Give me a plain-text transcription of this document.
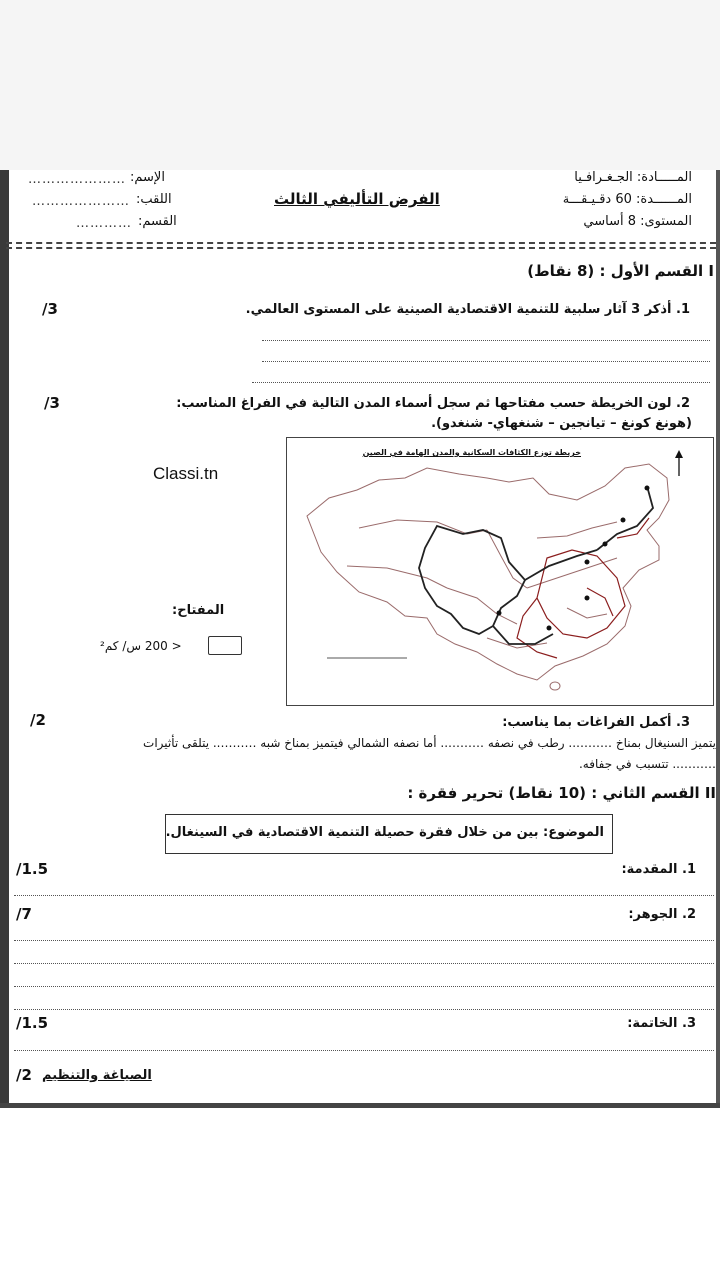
المـــــادة: الجـغـرافـيا
المــــــدة: 60 دقـيـقـــة
المستوى: 8 أساسي
الفرض التأليفي الثالث
الإسم:
…………………
اللقب:
…………………
القسم:
…………
I القسم الأول : (8 نقاط)
1. أذكر 3 آثار سلبية للتنمية الاقتصادية الصينية على المستوى العالمي.
/3
2. لون الخريطة حسب مفتاحها ثم سجل أسماء المدن التالية في الفراغ المناسب:
/3
(هونغ كونغ – تيانجين – شنغهاي- شنغدو).
Classi.tn
خريطة توزع الكثافات السكانية والمدن الهامة في الصين
المفتاح:
< 200 س/ كم²
3. أكمل الفراغات بما يناسب:
/2
يتميز السنيغال بمناخ ……….. رطب في نصفه ……….. أما نصفه الشمالي فيتميز بمناخ شبه ……….. يتلقى تأثيرات
……….. تتسبب في جفافه.
II القسم الثاني : (10 نقاط) تحرير فقرة :
الموضوع: بين من خلال فقرة حصيلة التنمية الاقتصادية في السينغال.
1. المقدمة:
/1.5
2. الجوهر:
/7
3. الخاتمة:
/1.5
/2 الصياغة والتنظيم
